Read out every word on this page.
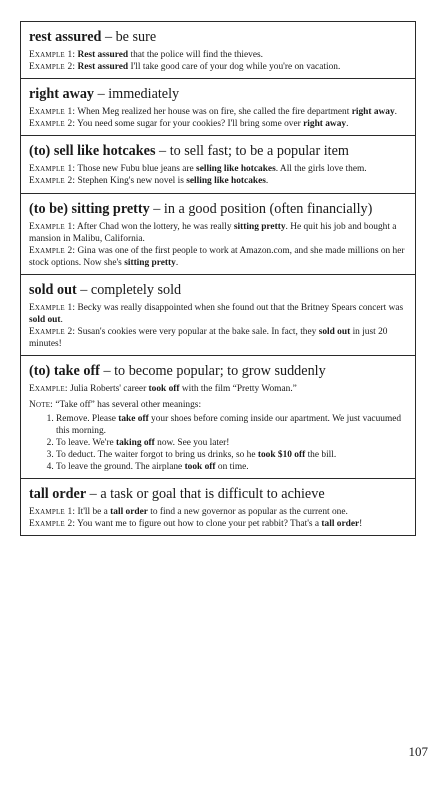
rest assured – be sure
Example 1: Rest assured that the police will find the thieves.
Example 2: Rest assured I'll take good care of your dog while you're on vacation.
right away – immediately
Example 1: When Meg realized her house was on fire, she called the fire department right away.
Example 2: You need some sugar for your cookies? I'll bring some over right away.
(to) sell like hotcakes – to sell fast; to be a popular item
Example 1: Those new Fubu blue jeans are selling like hotcakes. All the girls love them.
Example 2: Stephen King's new novel is selling like hotcakes.
(to be) sitting pretty – in a good position (often financially)
Example 1: After Chad won the lottery, he was really sitting pretty. He quit his job and bought a mansion in Malibu, California.
Example 2: Gina was one of the first people to work at Amazon.com, and she made millions on her stock options. Now she's sitting pretty.
sold out – completely sold
Example 1: Becky was really disappointed when she found out that the Britney Spears concert was sold out.
Example 2: Susan's cookies were very popular at the bake sale. In fact, they sold out in just 20 minutes!
(to) take off – to become popular; to grow suddenly
Example: Julia Roberts' career took off with the film “Pretty Woman.”
Note: “Take off” has several other meanings:
1. Remove. Please take off your shoes before coming inside our apartment. We just vacuumed this morning.
2. To leave. We're taking off now. See you later!
3. To deduct. The waiter forgot to bring us drinks, so he took $10 off the bill.
4. To leave the ground. The airplane took off on time.
tall order – a task or goal that is difficult to achieve
Example 1: It'll be a tall order to find a new governor as popular as the current one.
Example 2: You want me to figure out how to clone your pet rabbit? That's a tall order!
107
